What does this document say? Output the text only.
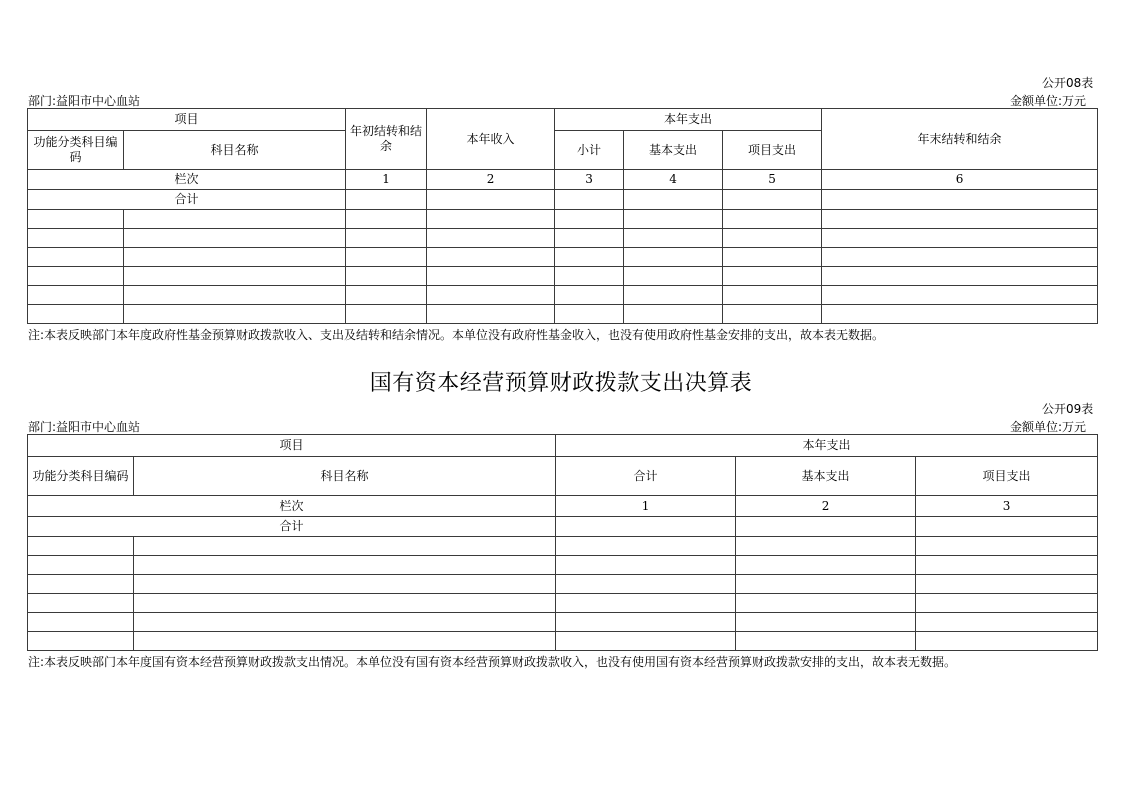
公开08表
部门:益阳市中心血站	金额单位:万元
项目		年初结转和结余	本年收入	本年支出			年末结转和结余
功能分类科目编码	科目名称			小计	基本支出	项目支出	
栏次		1	2	3	4	5	6
合计							

注:本表反映部门本年度政府性基金预算财政拨款收入、支出及结转和结余情况。本单位没有政府性基金收入，也没有使用政府性基金安排的支出，故本表无数据。
国有资本经营预算财政拨款支出决算表
公开09表
部门:益阳市中心血站	金额单位:万元
项目		本年支出		
功能分类科目编码	科目名称	合计	基本支出	项目支出
栏次		1	2	3
合计				

注:本表反映部门本年度国有资本经营预算财政拨款支出情况。本单位没有国有资本经营预算财政拨款收入，也没有使用国有资本经营预算财政拨款安排的支出，故本表无数据。
